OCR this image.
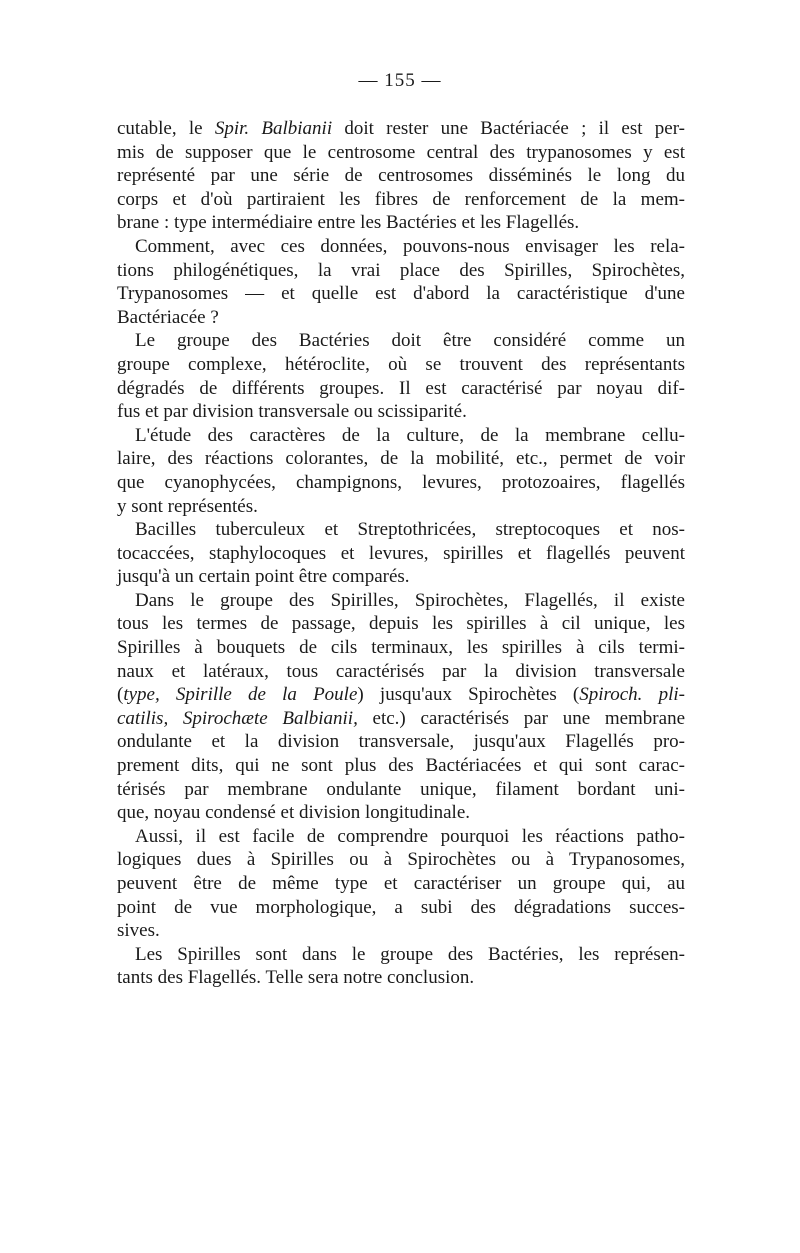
— 155 —
cutable, le Spir. Balbianii doit rester une Bactériacée ; il est per-
mis de supposer que le centrosome central des trypanosomes y est
représenté par une série de centrosomes disséminés le long du
corps et d'où partiraient les fibres de renforcement de la mem-
brane : type intermédiaire entre les Bactéries et les Flagellés.
Comment, avec ces données, pouvons-nous envisager les rela-
tions philogénétiques, la vrai place des Spirilles, Spirochètes,
Trypanosomes — et quelle est d'abord la caractéristique d'une
Bactériacée ?
Le groupe des Bactéries doit être considéré comme un
groupe complexe, hétéroclite, où se trouvent des représentants
dégradés de différents groupes. Il est caractérisé par noyau dif-
fus et par division transversale ou scissiparité.
L'étude des caractères de la culture, de la membrane cellu-
laire, des réactions colorantes, de la mobilité, etc., permet de voir
que cyanophycées, champignons, levures, protozoaires, flagellés
y sont représentés.
Bacilles tuberculeux et Streptothricées, streptocoques et nos-
tocaccées, staphylocoques et levures, spirilles et flagellés peuvent
jusqu'à un certain point être comparés.
Dans le groupe des Spirilles, Spirochètes, Flagellés, il existe
tous les termes de passage, depuis les spirilles à cil unique, les
Spirilles à bouquets de cils terminaux, les spirilles à cils termi-
naux et latéraux, tous caractérisés par la division transversale
(type, Spirille de la Poule) jusqu'aux Spirochètes (Spiroch. pli-
catilis, Spirochæte Balbianii, etc.) caractérisés par une membrane
ondulante et la division transversale, jusqu'aux Flagellés pro-
prement dits, qui ne sont plus des Bactériacées et qui sont carac-
térisés par membrane ondulante unique, filament bordant uni-
que, noyau condensé et division longitudinale.
Aussi, il est facile de comprendre pourquoi les réactions patho-
logiques dues à Spirilles ou à Spirochètes ou à Trypanosomes,
peuvent être de même type et caractériser un groupe qui, au
point de vue morphologique, a subi des dégradations succes-
sives.
Les Spirilles sont dans le groupe des Bactéries, les représen-
tants des Flagellés. Telle sera notre conclusion.
